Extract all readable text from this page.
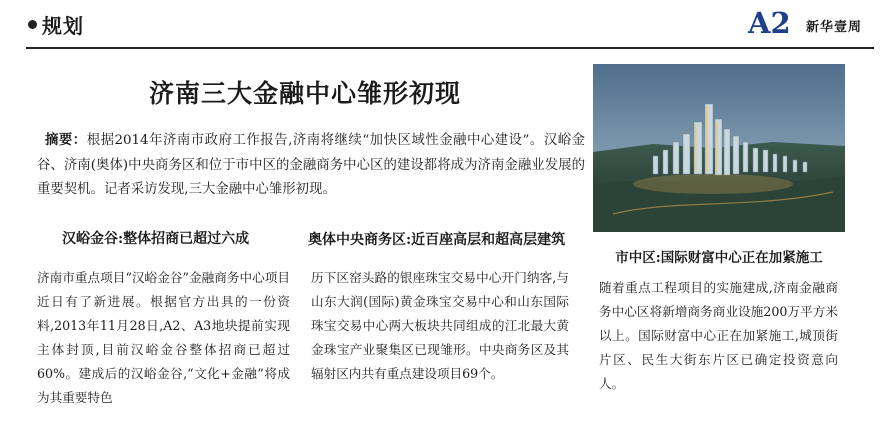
规划	A2 新华壹周
济南三大金融中心雏形初现
摘要：根据2014年济南市政府工作报告,济南将继续“加快区域性金融中心建设”。汉峪金谷、济南(奥体)中央商务区和位于市中区的金融商务中心区的建设都将成为济南金融业发展的重要契机。记者采访发现,三大金融中心雏形初现。
汉峪金谷:整体招商已超过六成
济南市重点项目“汉峪金谷”金融商务中心项目近日有了新进展。根据官方出具的一份资料,2013年11月28日,A2、A3地块提前实现主体封顶,目前汉峪金谷整体招商已超过60%。建成后的汉峪金谷,“文化+金融”将成为其重要特色
奥体中央商务区:近百座高层和超高层建筑
历下区窑头路的银座珠宝交易中心开门纳客,与山东大润(国际)黄金珠宝交易中心和山东国际珠宝交易中心两大板块共同组成的江北最大黄金珠宝产业聚集区已现雏形。中央商务区及其辐射区内共有重点建设项目69个。
市中区:国际财富中心正在加紧施工
随着重点工程项目的实施建成,济南金融商务中心区将新增商务商业设施200万平方米以上。国际财富中心正在加紧施工,城顶街片区、民生大街东片区已确定投资意向人。
